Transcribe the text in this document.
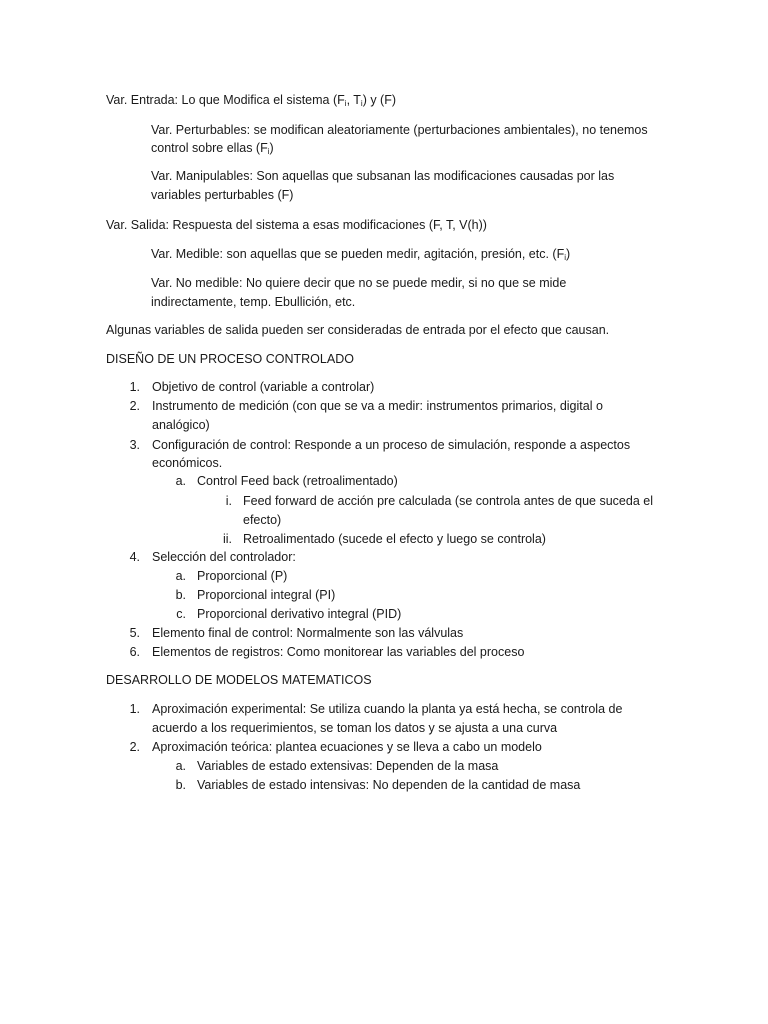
Var. Entrada: Lo que Modifica el sistema ($F_i$, $T_i$) y (F)

Var. Perturbables: se modifican aleatoriamente (perturbaciones ambientales), no tenemos

control sobre ellas $(F_i)$

Var. Manipulables: Son aquellas que subsanan las modificaciones causadas por las

variables perturbables (F)

Var. Salida: Respuesta del sistema a esas modificaciones (F, T, V(h))

Var. Medible: son aquellas que se pueden medir, agitación, presión, etc. $(F_i)$

Var. No medible: No quiere decir que no se puede medir, si no que se mide

indirectamente, temp. Ebullición, etc.

Algunas variables de salida pueden ser consideradas de entrada por el efecto que causan.

DISEÑO DE UN PROCESO CONTROLADO

1. Objetivo de control (variable a controlar)
2. Instrumento de medición (con que se va a medir: instrumentos primarios, digital o
analógico)
3. Configuración de control: Responde a un proceso de simulación, responde a aspectos
económicos.
a. Control Feed back (retroalimentado)
i. Feed forward de acción pre calculada (se controla antes de que suceda el
efecto)
ii. Retroalimentado (sucede el efecto y luego se controla)
4. Selección del controlador:
a. Proporcional (P)
b. Proporcional integral (PI)
c. Proporcional derivativo integral (PID)
5. Elemento final de control: Normalmente son las válvulas
6. Elementos de registros: Como monitorear las variables del proceso

DESARROLLO DE MODELOS MATEMATICOS

1. Aproximación experimental: Se utiliza cuando la planta ya está hecha, se controla de
acuerdo a los requerimientos, se toman los datos y se ajusta a una curva
2. Aproximación teórica: plantea ecuaciones y se lleva a cabo un modelo
a. Variables de estado extensivas: Dependen de la masa
b. Variables de estado intensivas: No dependen de la cantidad de masa
